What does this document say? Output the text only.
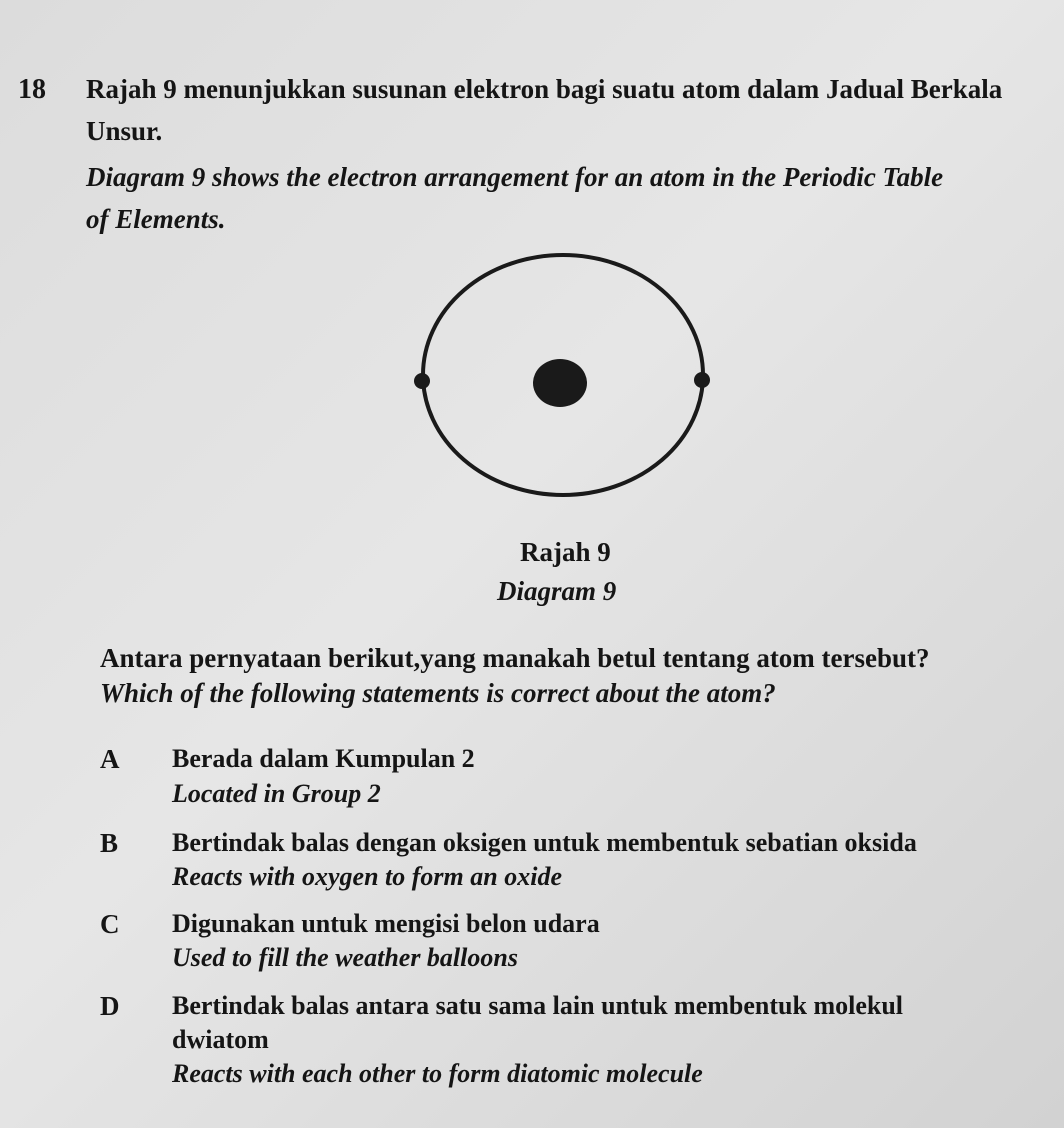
18 Rajah 9 menunjukkan susunan elektron bagi suatu atom dalam Jadual Berkala
Unsur.
Diagram 9 shows the electron arrangement for an atom in the Periodic Table
of Elements.
Rajah 9
Diagram 9
Antara pernyataan berikut,yang manakah betul tentang atom tersebut?
Which of the following statements is correct about the atom?
A Berada dalam Kumpulan 2
Located in Group 2
B Bertindak balas dengan oksigen untuk membentuk sebatian oksida
Reacts with oxygen to form an oxide
C Digunakan untuk mengisi belon udara
Used to fill the weather balloons
D Bertindak balas antara satu sama lain untuk membentuk molekul
dwiatom
Reacts with each other to form diatomic molecule
